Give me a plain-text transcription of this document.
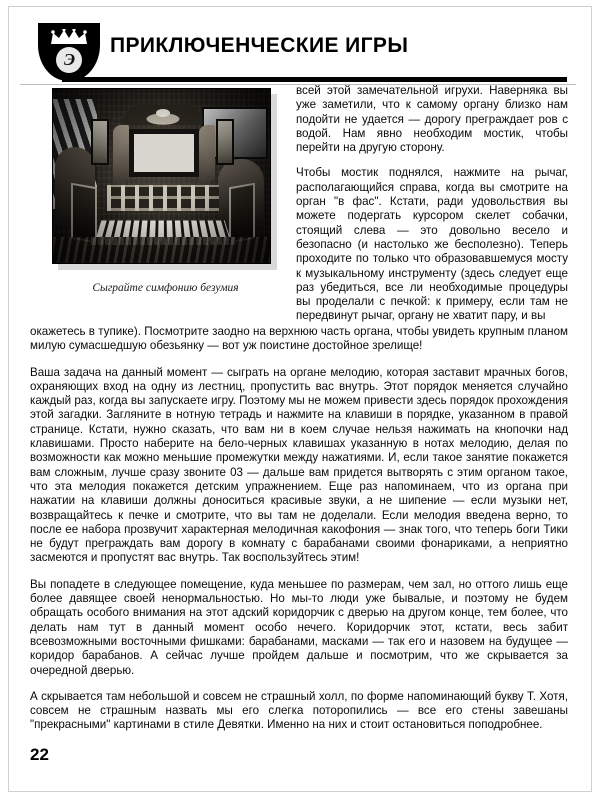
Э
ПРИКЛЮЧЕНЧЕСКИЕ ИГРЫ
Сыграйте симфонию безумия

всей этой замечательной игрухи. Наверняка вы уже заметили, что к самому органу близко нам подойти не удается — дорогу преграждает ров с водой. Нам явно необходим мостик, чтобы перейти на другую сторону.

Чтобы мостик поднялся, нажмите на рычаг, располагающийся справа, когда вы смотрите на орган "в фас". Кстати, ради удовольствия вы можете подергать курсором скелет собачки, стоящий слева — это довольно весело и безопасно (и настолько же бесполезно). Теперь проходите по только что образовавшемуся мосту к музыкальному инструменту (здесь следует еще раз убедиться, все ли необходимые процедуры вы проделали с печкой: к примеру, если там не передвинут рычаг, органу не хватит пару, и вы

окажетесь в тупике). Посмотрите заодно на верхнюю часть органа, чтобы увидеть крупным планом милую сумасшедшую обезьянку — вот уж поистине достойное зрелище!

Ваша задача на данный момент — сыграть на органе мелодию, которая заставит мрачных богов, охраняющих вход на одну из лестниц, пропустить вас внутрь. Этот порядок меняется случайно каждый раз, когда вы запускаете игру. Поэтому мы не можем привести здесь порядок прохождения этой загадки. Загляните в нотную тетрадь и нажмите на клавиши в порядке, указанном в правой странице. Кстати, нужно сказать, что вам ни в коем случае нельзя нажимать на кнопочки над клавишами. Просто наберите на бело-черных клавишах указанную в нотах мелодию, делая по возможности как можно меньшие промежутки между нажатиями. И, если такое занятие покажется вам сложным, лучше сразу звоните 03 — дальше вам придется вытворять с этим органом такое, что эта мелодия покажется детским упражнением. Еще раз напоминаем, что из органа при нажатии на клавиши должны доноситься красивые звуки, а не шипение — если музыки нет, возвращайтесь к печке и смотрите, что вы там не доделали. Если мелодия введена верно, то после ее набора прозвучит характерная мелодичная какофония — знак того, что теперь боги Тики не будут преграждать вам дорогу в комнату с барабанами своими фонариками, а неприятно засмеются и пропустят вас внутрь. Так воспользуйтесь этим!

Вы попадете в следующее помещение, куда меньшее по размерам, чем зал, но оттого лишь еще более давящее своей ненормальностью. Но мы-то люди уже бывалые, и поэтому не будем обращать особого внимания на этот адский коридорчик с дверью на другом конце, тем более, что делать нам тут в данный момент особо нечего. Коридорчик этот, кстати, весь забит всевозможными восточными фишками: барабанами, масками — так его и назовем на будущее — коридор барабанов. А сейчас лучше пройдем дальше и посмотрим, что же скрывается за очередной дверью.

А скрывается там небольшой и совсем не страшный холл, по форме напоминающий букву Т. Хотя, совсем не страшным назвать мы его слегка поторопились — все его стены завешаны "прекрасными" картинами в стиле Девятки. Именно на них и стоит остановиться поподробнее.

22
